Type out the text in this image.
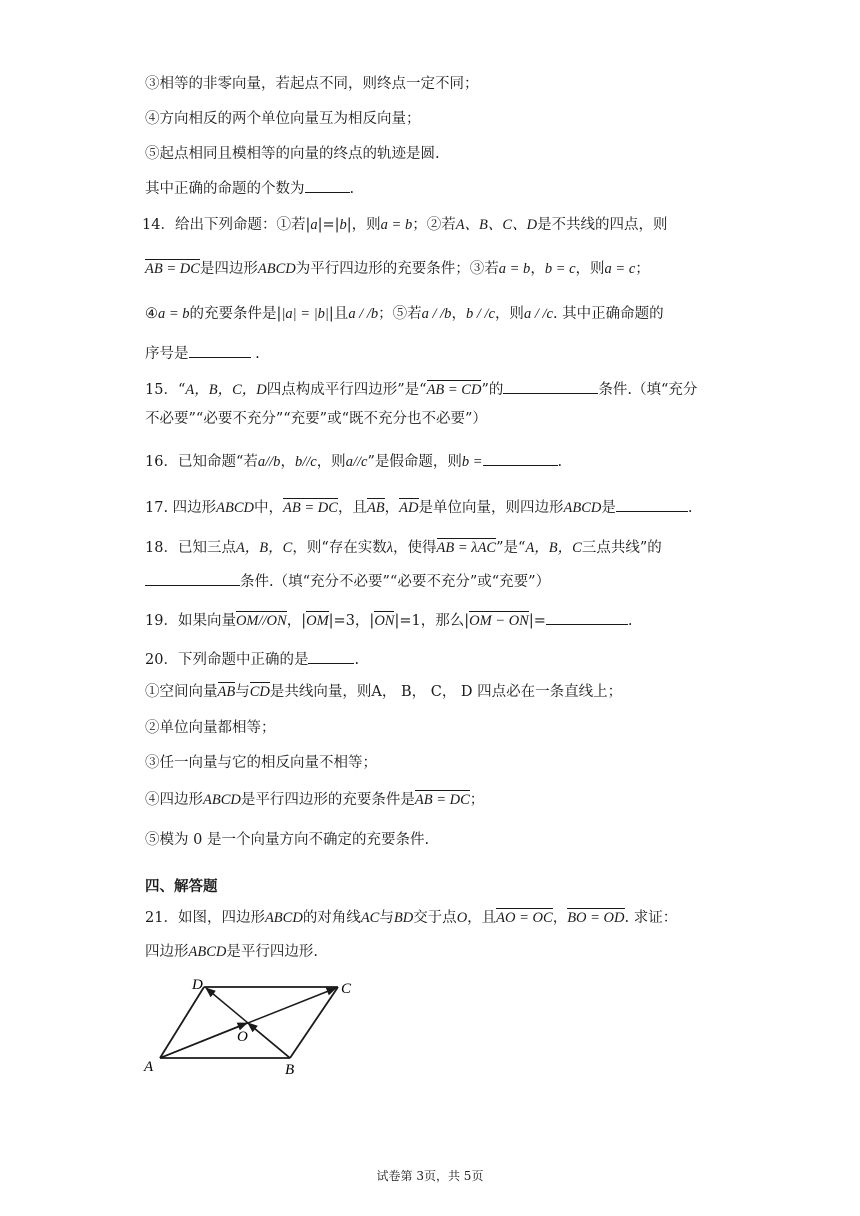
③相等的非零向量，若起点不同，则终点一定不同；
④方向相反的两个单位向量互为相反向量；
⑤起点相同且模相等的向量的终点的轨迹是圆.
其中正确的命题的个数为	.
14．给出下列命题：①若|a|=|b|，则a = b；②若A、B、C、D是不共线的四点，则
AB = DC是四边形ABCD为平行四边形的充要条件；③若a = b，b = c，则a = c；
④a = b的充要条件是||a| = |b||且a / /b；⑤若a / /b，b / /c，则a / /c. 其中正确命题的
序号是	.
15．“A，B，C，D四点构成平行四边形”是“AB = CD”的	条件.（填“充分
不必要”“必要不充分”“充要”或“既不充分也不必要”）
16．已知命题“若a//b，b//c，则a//c”是假命题，则b =	.
17. 四边形ABCD中，AB = DC，且AB，AD是单位向量，则四边形ABCD是	.
18．已知三点A，B，C，则“存在实数λ，使得AB = λAC”是“A，B，C三点共线”的
条件.（填“充分不必要”“必要不充分”或“充要”）
19．如果向量OM//ON，|OM|=3，|ON|=1，那么|OM − ON|=	.
20．下列命题中正确的是	.
①空间向量AB与CD是共线向量，则A， B， C， D 四点必在一条直线上；
②单位向量都相等；
③任一向量与它的相反向量不相等；
④四边形ABCD是平行四边形的充要条件是AB = DC；
⑤模为 0 是一个向量方向不确定的充要条件.
四、解答题
21．如图，四边形ABCD的对角线AC与BD交于点O，且AO = OC，BO = OD. 求证：
四边形ABCD是平行四边形.
A	B
C
D
O
试卷第 3页，共 5页
